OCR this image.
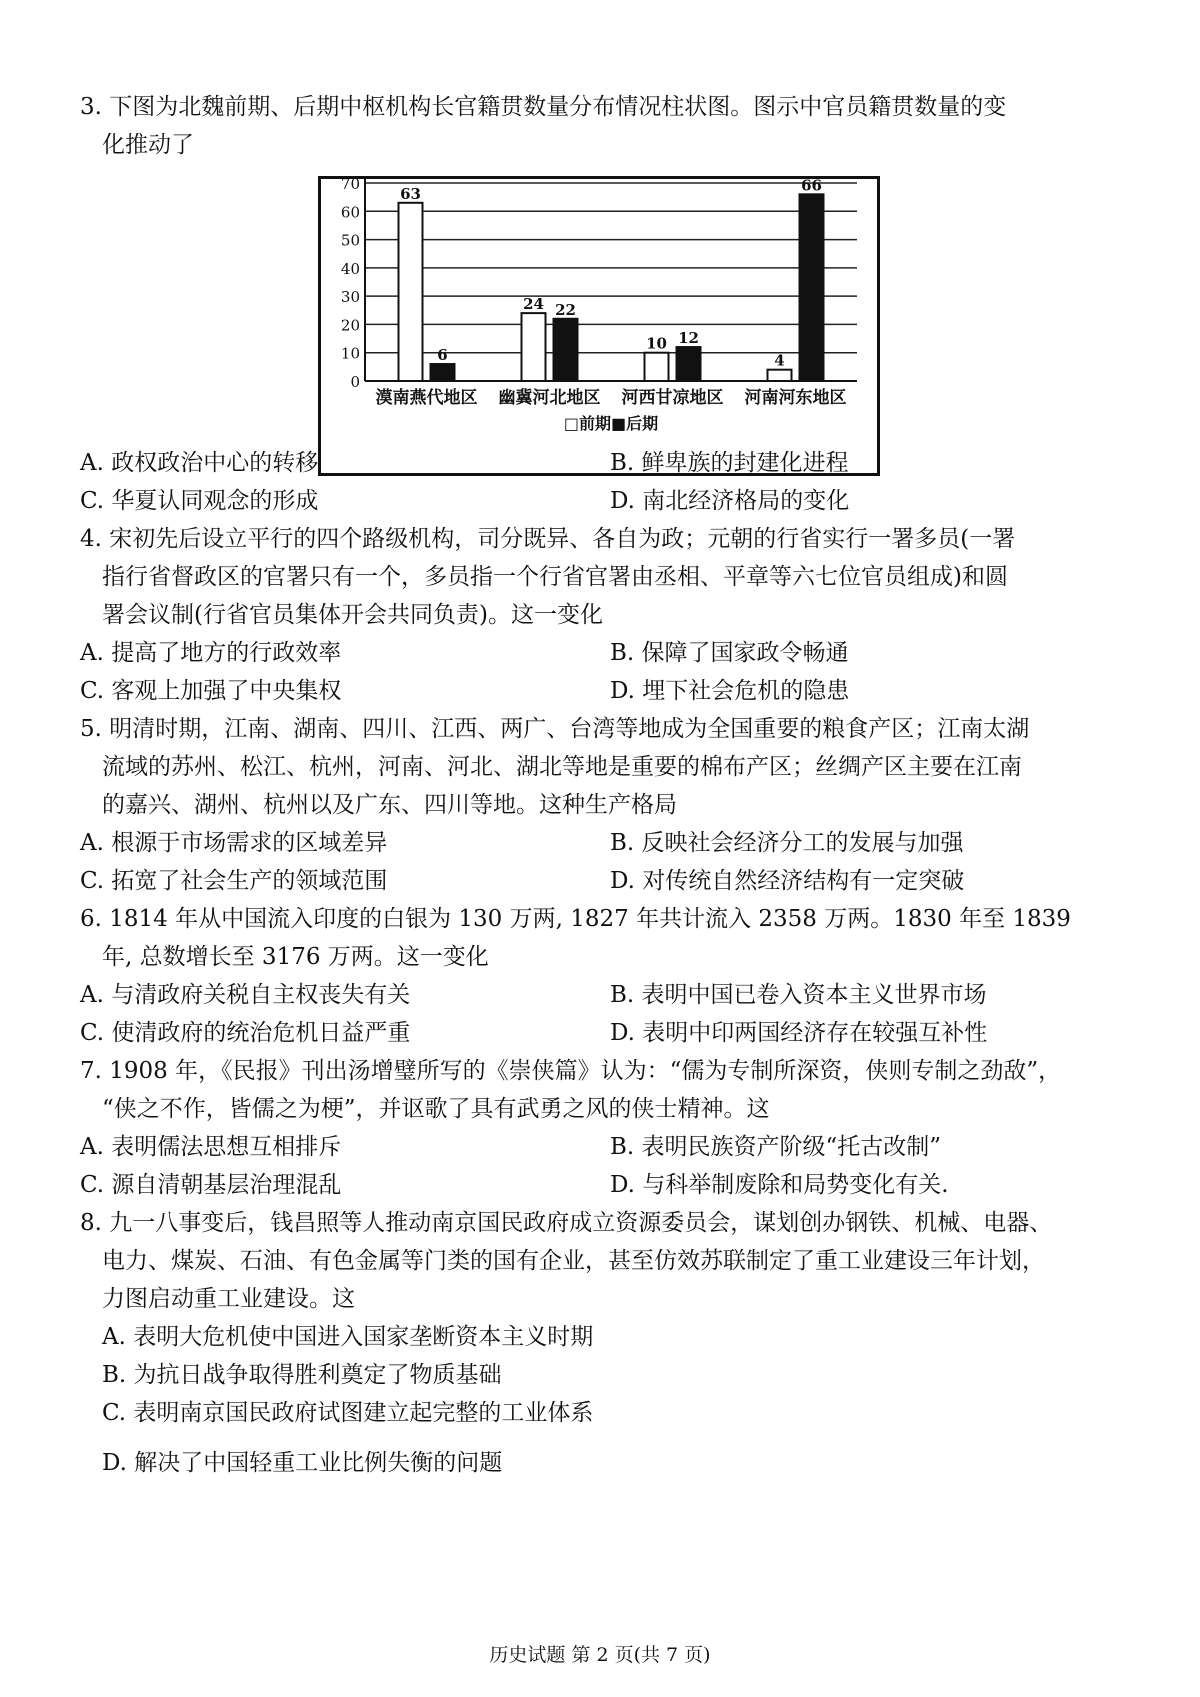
3. 下图为北魏前期、后期中枢机构长官籍贯数量分布情况柱状图。图示中官员籍贯数量的变

化推动了

0
10
20
30
40
50
60
70
63
6
漠南燕代地区
24 22
幽冀河北地区
10 12
河西甘凉地区
4
66
河南河东地区
□前期■后期
A. 政权政治中心的转移	B. 鲜卑族的封建化进程
C. 华夏认同观念的形成	D. 南北经济格局的变化

4. 宋初先后设立平行的四个路级机构，司分既异、各自为政；元朝的行省实行一署多员(一署

指行省督政区的官署只有一个，多员指一个行省官署由丞相、平章等六七位官员组成)和圆

署会议制(行省官员集体开会共同负责)。这一变化

A. 提高了地方的行政效率	B. 保障了国家政令畅通
C. 客观上加强了中央集权	D. 埋下社会危机的隐患

5. 明清时期，江南、湖南、四川、江西、两广、台湾等地成为全国重要的粮食产区；江南太湖

流域的苏州、松江、杭州，河南、河北、湖北等地是重要的棉布产区；丝绸产区主要在江南

的嘉兴、湖州、杭州以及广东、四川等地。这种生产格局

A. 根源于市场需求的区域差异	B. 反映社会经济分工的发展与加强
C. 拓宽了社会生产的领域范围	D. 对传统自然经济结构有一定突破

6. 1814 年从中国流入印度的白银为 130 万两, 1827 年共计流入 2358 万两。1830 年至 1839

年, 总数增长至 3176 万两。这一变化

A. 与清政府关税自主权丧失有关	B. 表明中国已卷入资本主义世界市场
C. 使清政府的统治危机日益严重	D. 表明中印两国经济存在较强互补性

7. 1908 年，《民报》刊出汤增璧所写的《崇侠篇》认为：“儒为专制所深资，侠则专制之劲敌”，

“侠之不作，皆儒之为梗”，并讴歌了具有武勇之风的侠士精神。这

A. 表明儒法思想互相排斥	B. 表明民族资产阶级“托古改制”
C. 源自清朝基层治理混乱	D. 与科举制废除和局势变化有关.

8. 九一八事变后，钱昌照等人推动南京国民政府成立资源委员会，谋划创办钢铁、机械、电器、

电力、煤炭、石油、有色金属等门类的国有企业，甚至仿效苏联制定了重工业建设三年计划，

力图启动重工业建设。这

A. 表明大危机使中国进入国家垄断资本主义时期
B. 为抗日战争取得胜利奠定了物质基础
C. 表明南京国民政府试图建立起完整的工业体系
D. 解决了中国轻重工业比例失衡的问题
历史试题 第 2 页(共 7 页)
